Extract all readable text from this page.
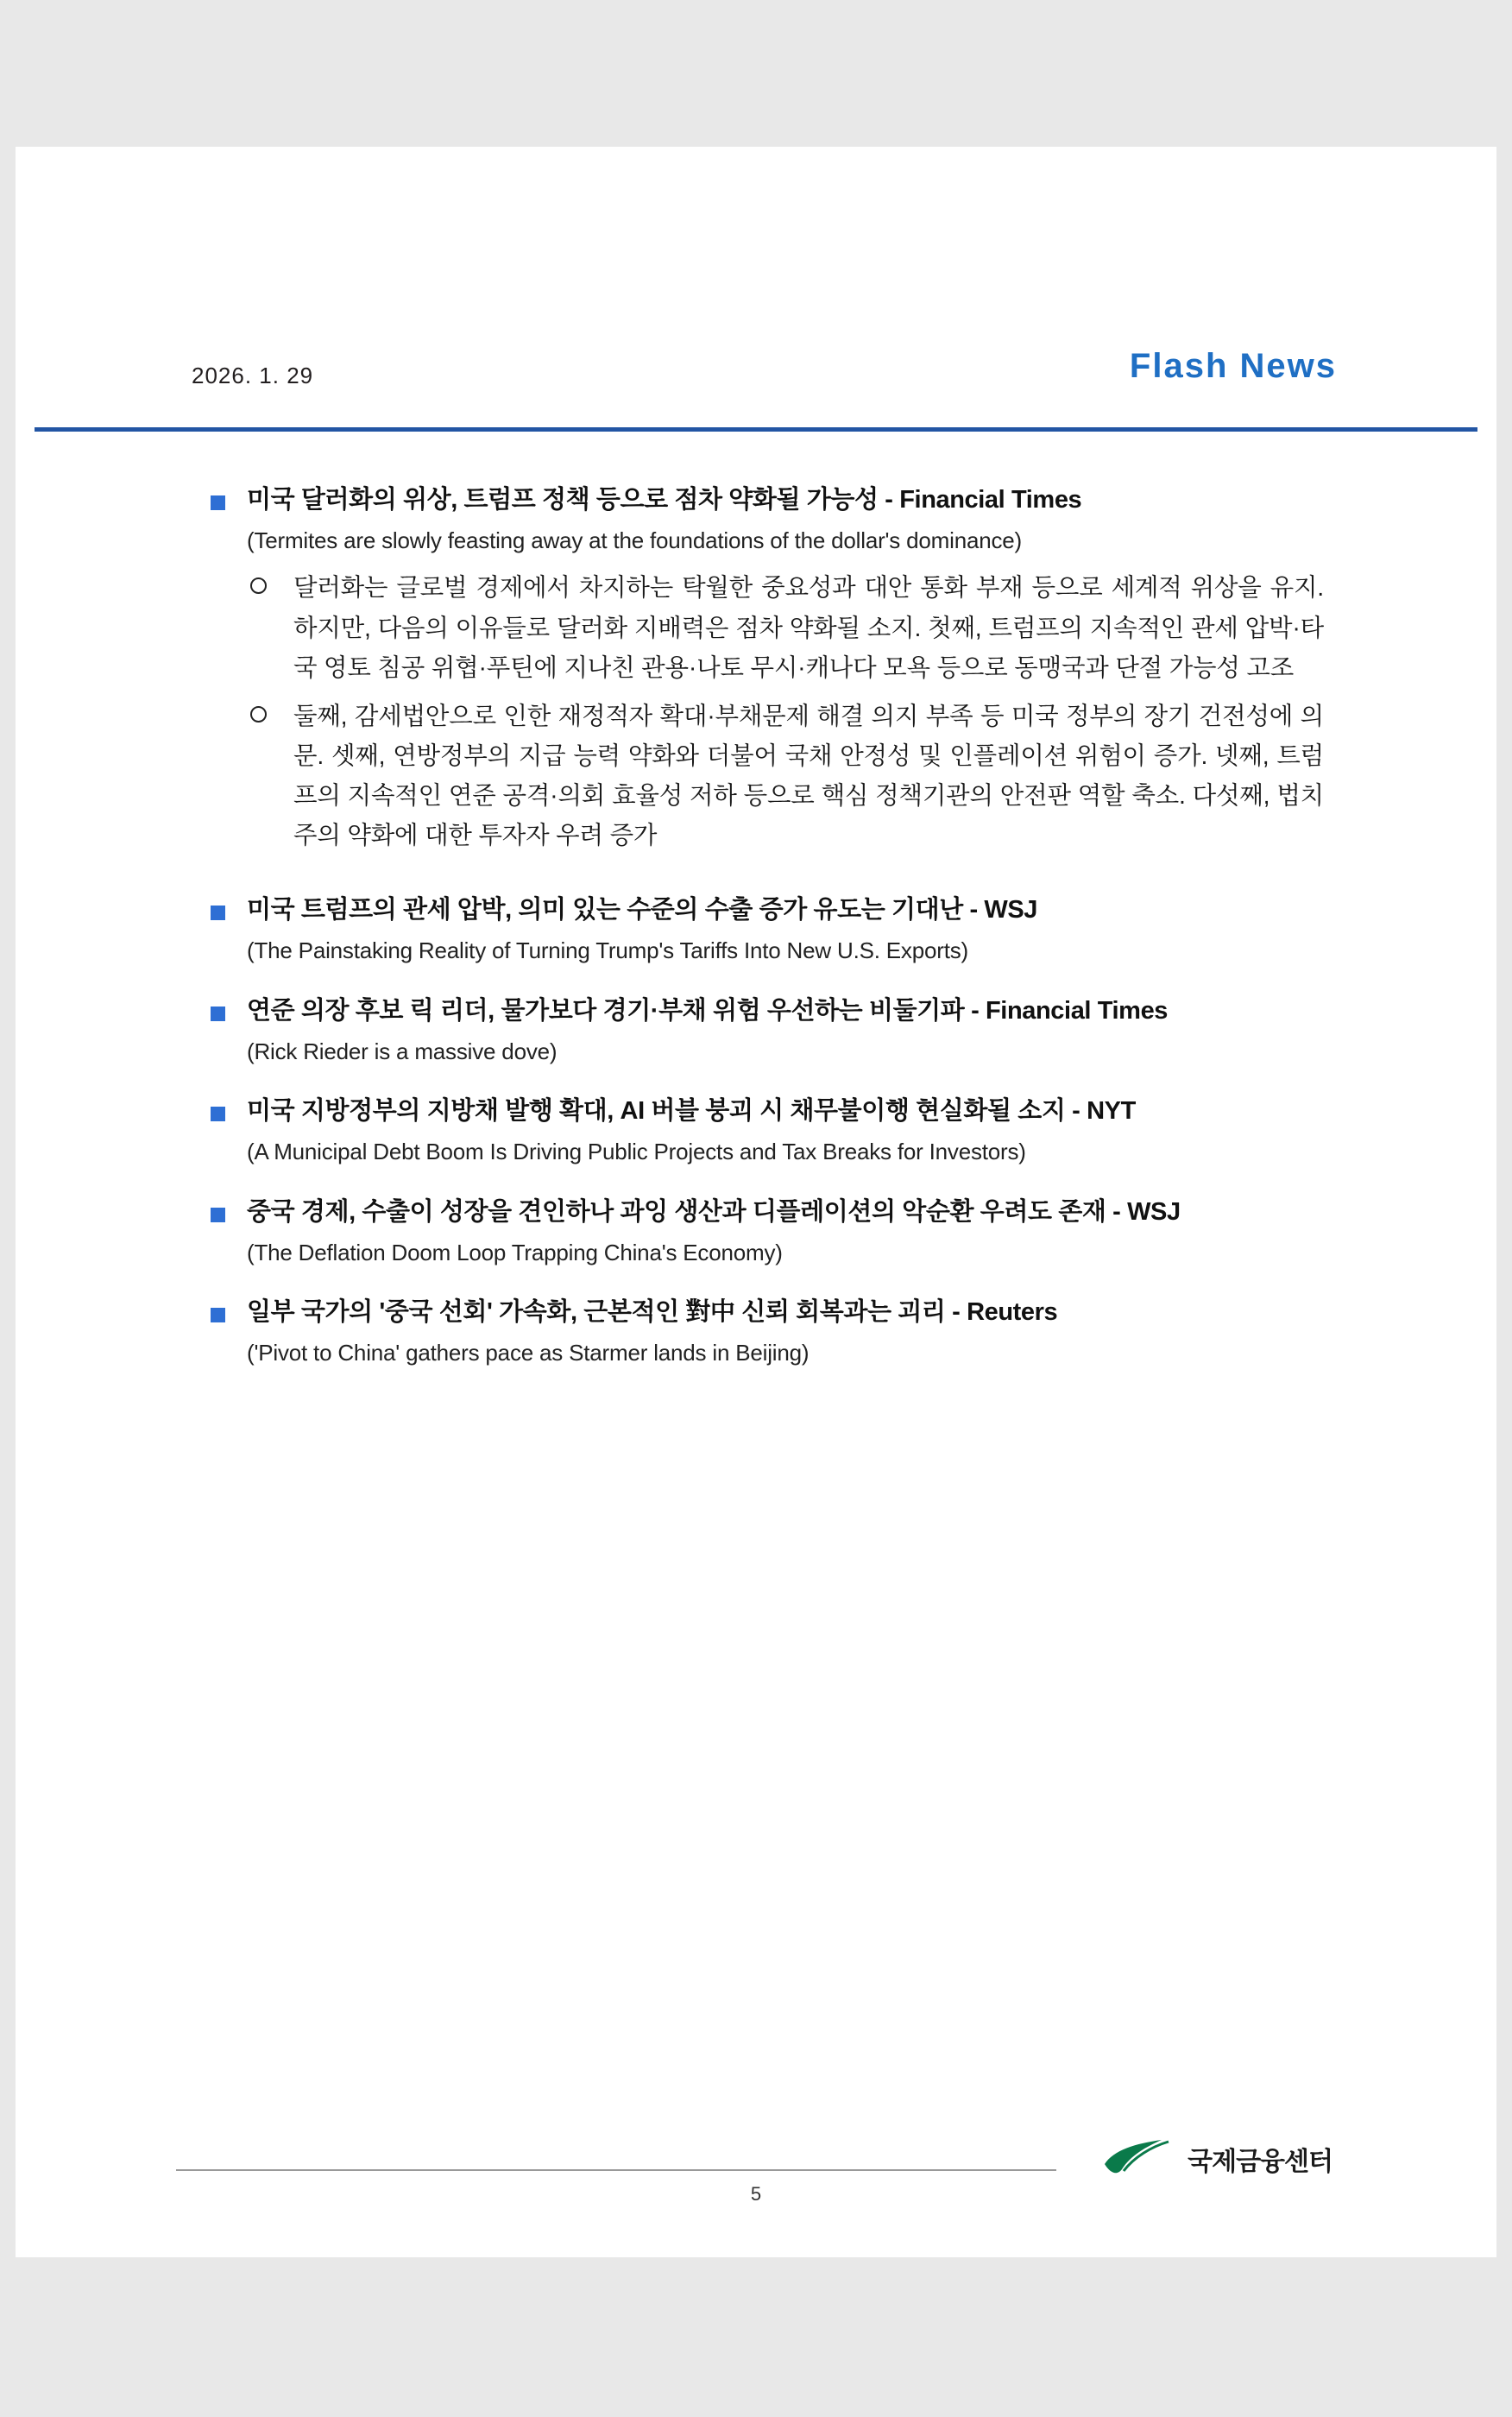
2026. 1. 29	Flash News
미국 달러화의 위상, 트럼프 정책 등으로 점차 약화될 가능성 - Financial Times
(Termites are slowly feasting away at the foundations of the dollar's dominance)
달러화는 글로벌 경제에서 차지하는 탁월한 중요성과 대안 통화 부재 등으로 세계적 위상을 유지. 하지만, 다음의 이유들로 달러화 지배력은 점차 약화될 소지. 첫째, 트럼프의 지속적인 관세 압박·타국 영토 침공 위협·푸틴에 지나친 관용·나토 무시·캐나다 모욕 등으로 동맹국과 단절 가능성 고조
둘째, 감세법안으로 인한 재정적자 확대·부채문제 해결 의지 부족 등 미국 정부의 장기 건전성에 의문. 셋째, 연방정부의 지급 능력 약화와 더불어 국채 안정성 및 인플레이션 위험이 증가. 넷째, 트럼프의 지속적인 연준 공격·의회 효율성 저하 등으로 핵심 정책기관의 안전판 역할 축소. 다섯째, 법치주의 약화에 대한 투자자 우려 증가
미국 트럼프의 관세 압박, 의미 있는 수준의 수출 증가 유도는 기대난 - WSJ
(The Painstaking Reality of Turning Trump's Tariffs Into New U.S. Exports)
연준 의장 후보 릭 리더, 물가보다 경기·부채 위험 우선하는 비둘기파 - Financial Times
(Rick Rieder is a massive dove)
미국 지방정부의 지방채 발행 확대, AI 버블 붕괴 시 채무불이행 현실화될 소지 - NYT
(A Municipal Debt Boom Is Driving Public Projects and Tax Breaks for Investors)
중국 경제, 수출이 성장을 견인하나 과잉 생산과 디플레이션의 악순환 우려도 존재 - WSJ
(The Deflation Doom Loop Trapping China's Economy)
일부 국가의 '중국 선회' 가속화, 근본적인 對中 신뢰 회복과는 괴리 - Reuters
('Pivot to China' gathers pace as Starmer lands in Beijing)
5
국제금융센터
